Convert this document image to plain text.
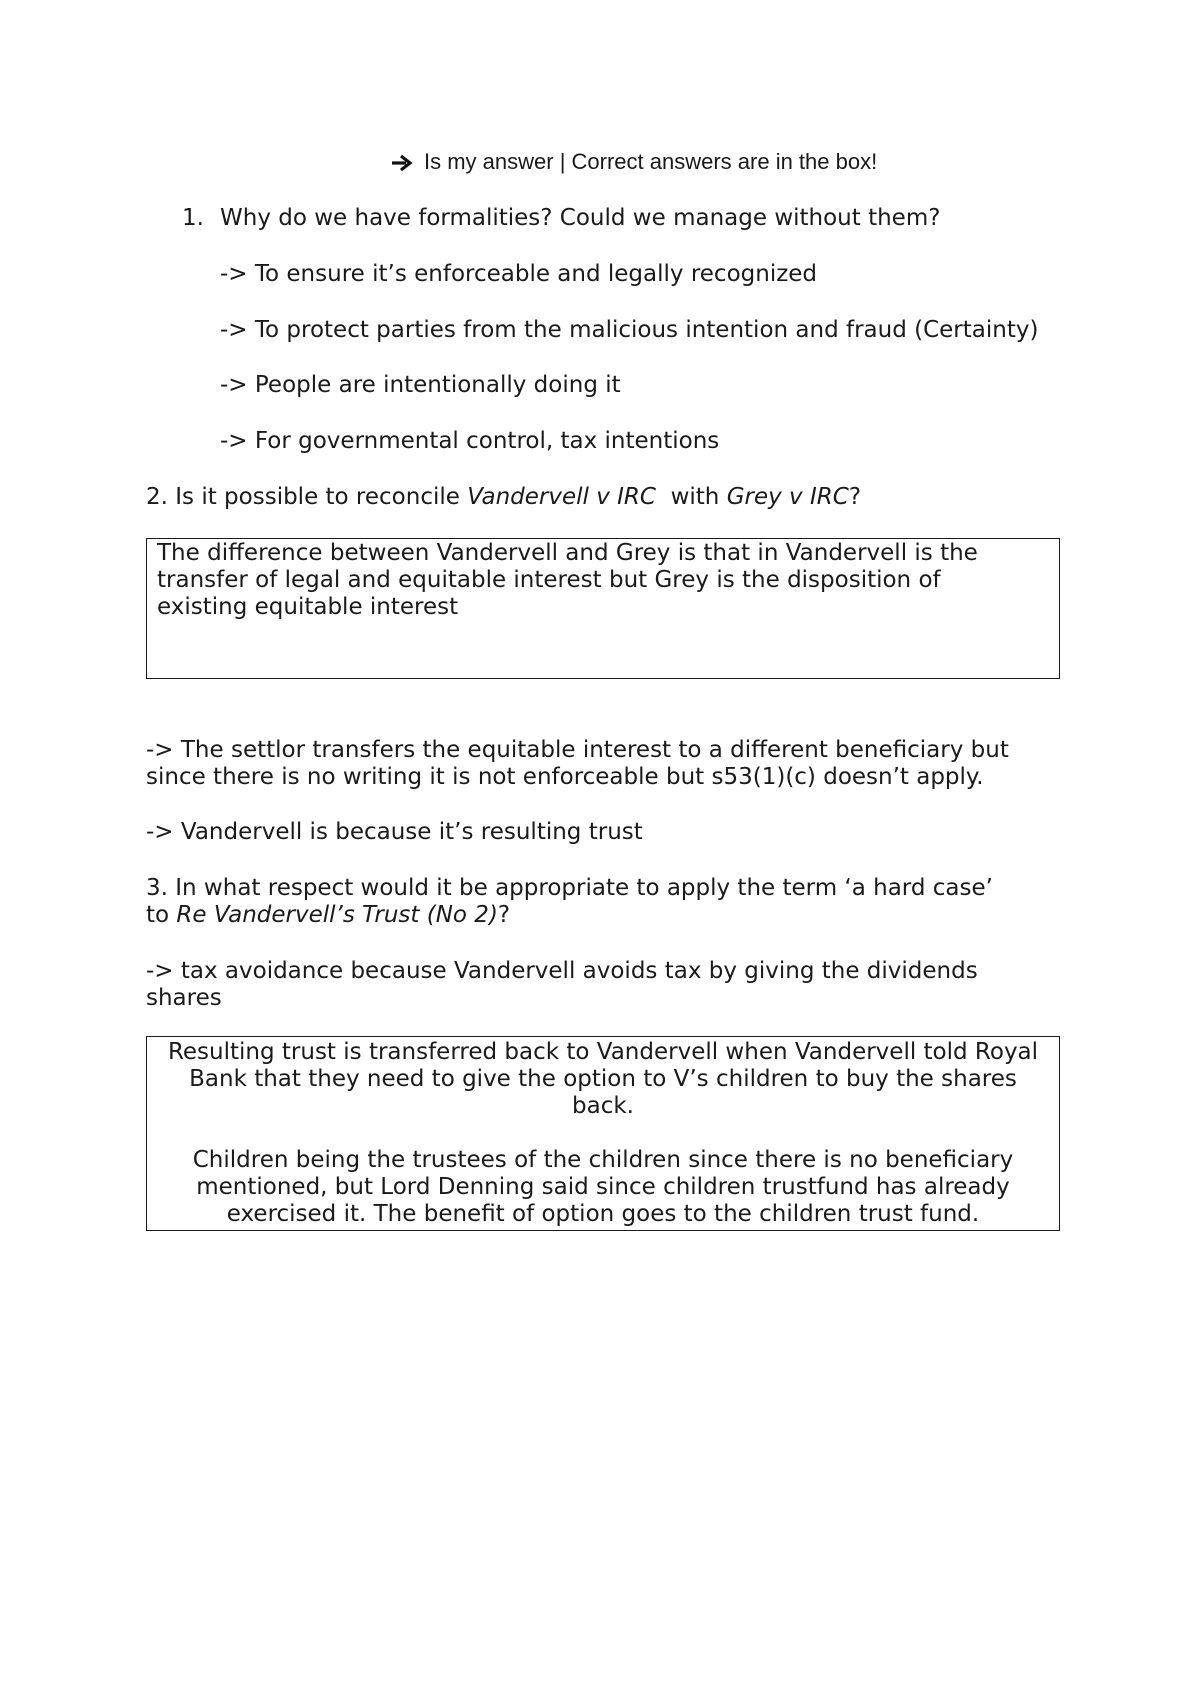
Is my answer | Correct answers are in the box!
1. Why do we have formalities? Could we manage without them?
-> To ensure it’s enforceable and legally recognized
-> To protect parties from the malicious intention and fraud (Certainty)
-> People are intentionally doing it
-> For governmental control, tax intentions
2. Is it possible to reconcile Vandervell v IRC  with Grey v IRC?

The difference between Vandervell and Grey is that in Vandervell is the

transfer of legal and equitable interest but Grey is the disposition of

existing equitable interest

-> The settlor transfers the equitable interest to a different beneficiary but
since there is no writing it is not enforceable but s53(1)(c) doesn’t apply.
-> Vandervell is because it’s resulting trust
3. In what respect would it be appropriate to apply the term ‘a hard case’
to Re Vandervell’s Trust (No 2)?
-> tax avoidance because Vandervell avoids tax by giving the dividends
shares

Resulting trust is transferred back to Vandervell when Vandervell told Royal

Bank that they need to give the option to V’s children to buy the shares

back.

Children being the trustees of the children since there is no beneficiary

mentioned, but Lord Denning said since children trustfund has already

exercised it. The benefit of option goes to the children trust fund.
